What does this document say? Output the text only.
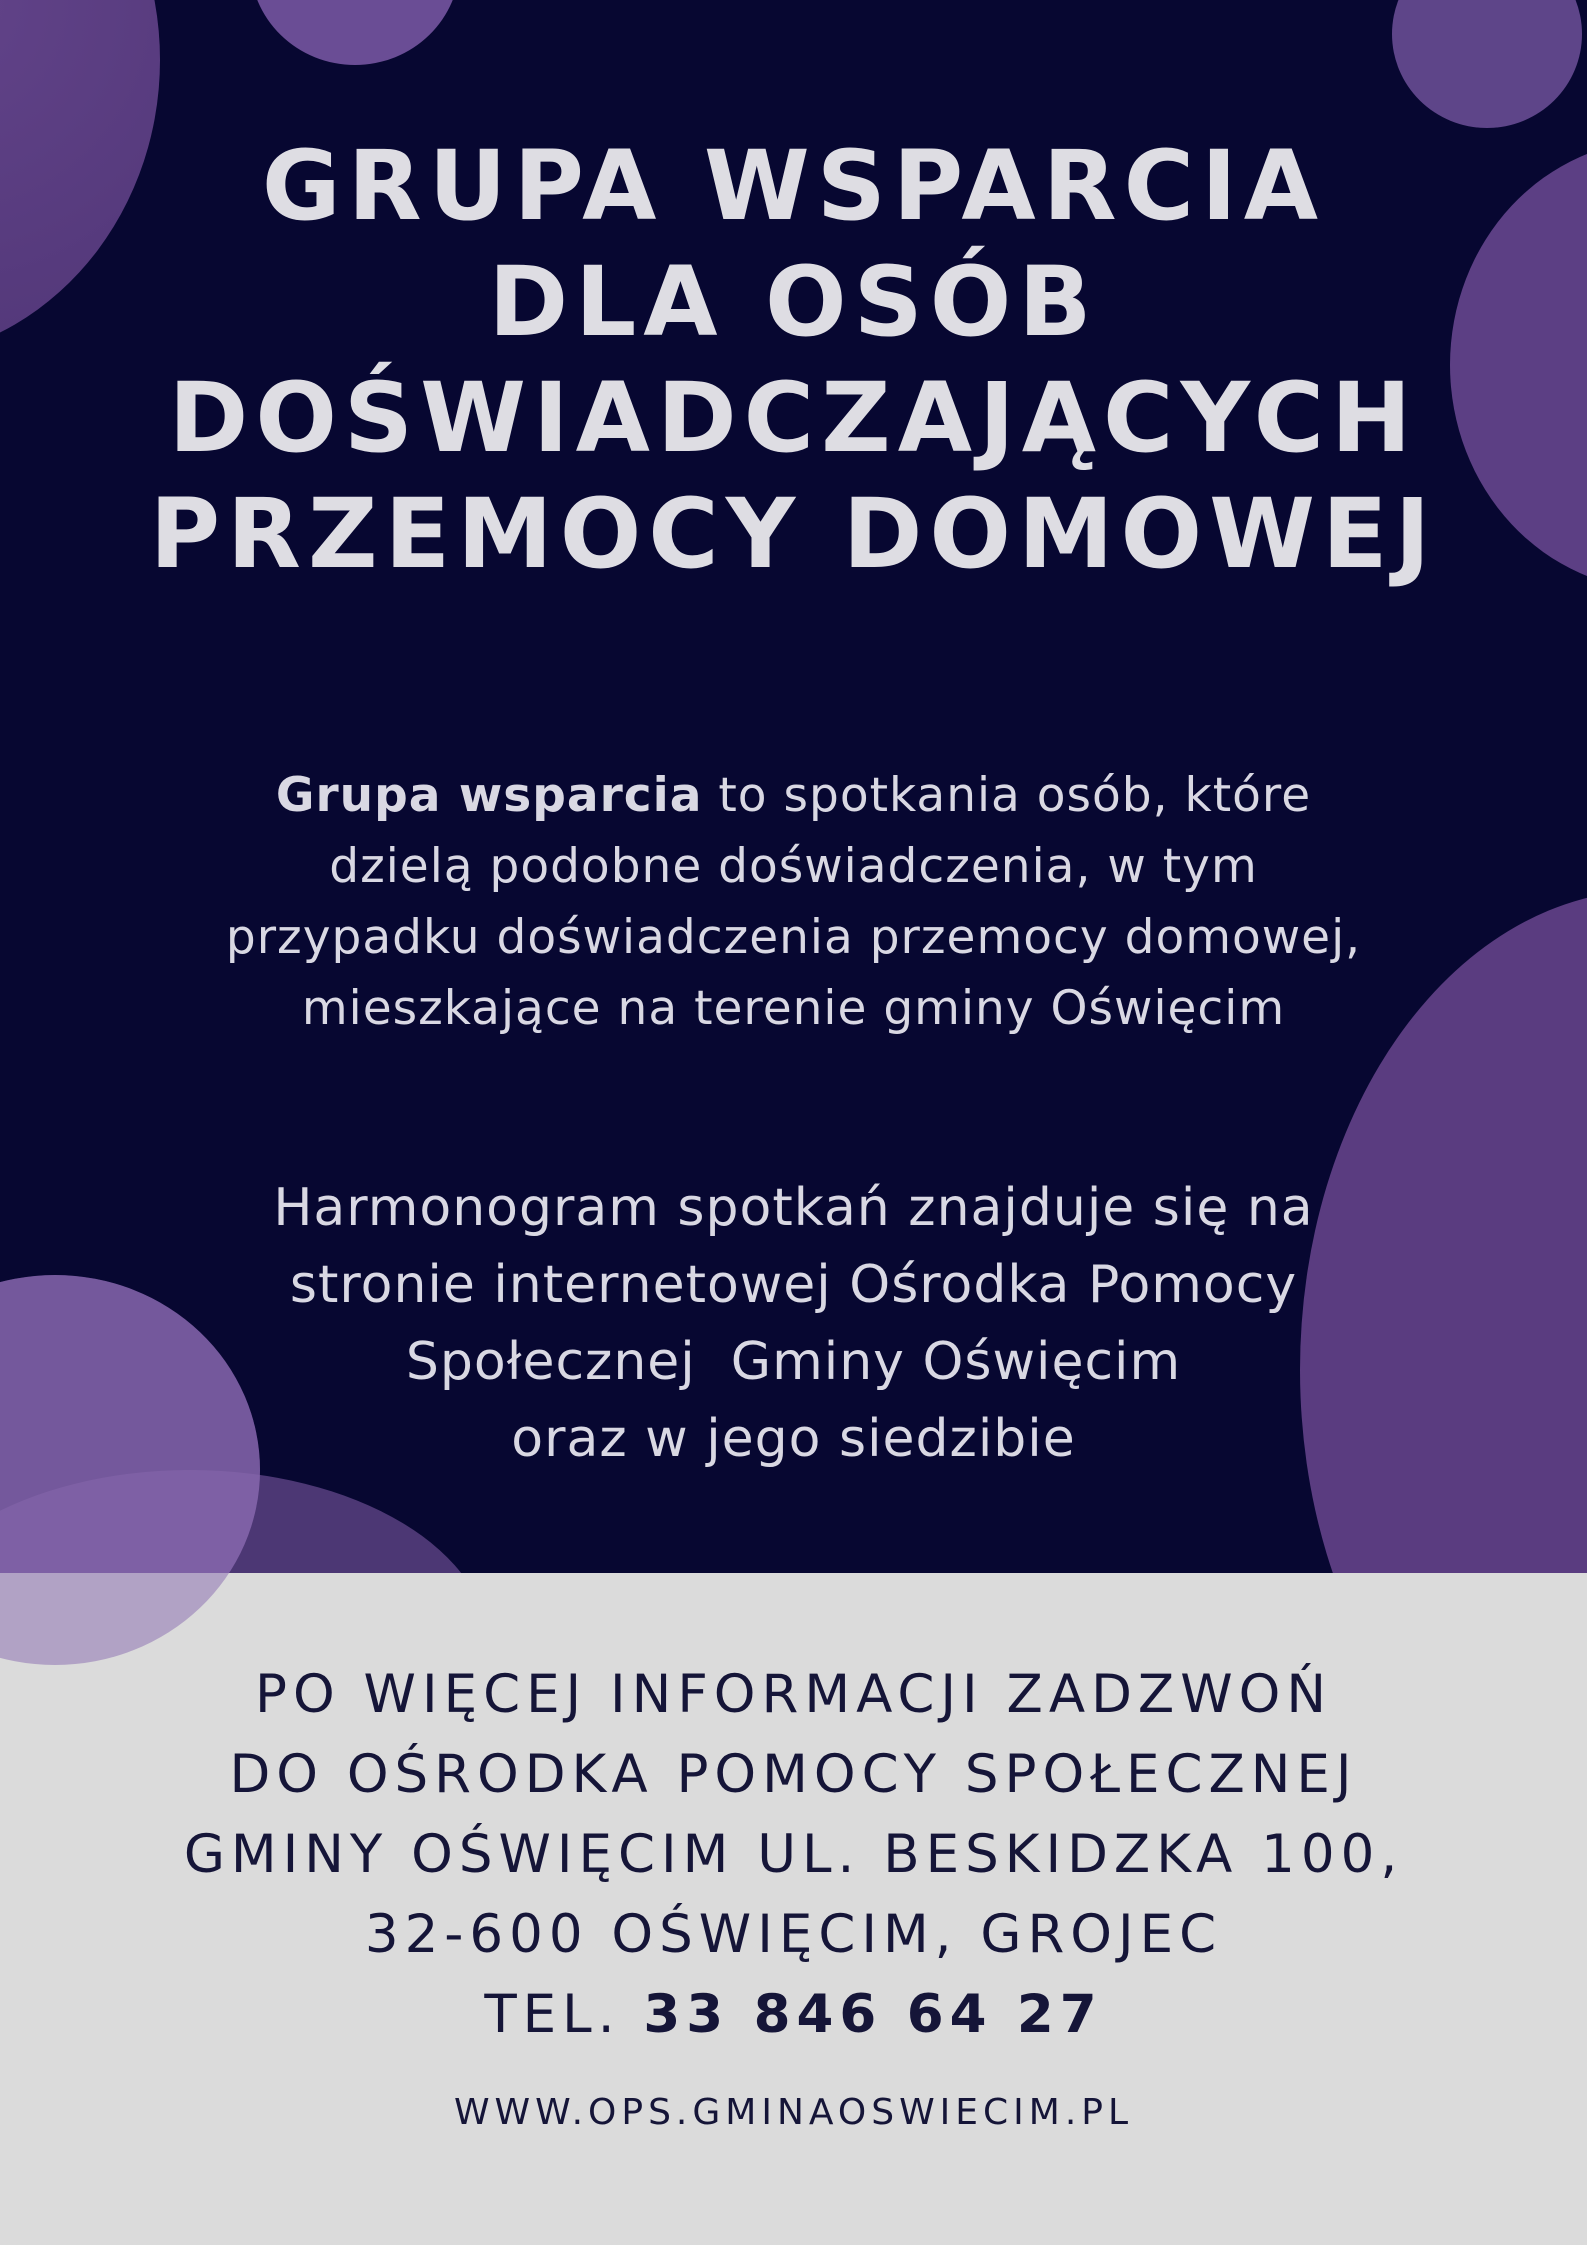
GRUPA WSPARCIA
DLA OSÓB
DOŚWIADCZAJĄCYCH
PRZEMOCY DOMOWEJ

Grupa wsparcia to spotkania osób, które
dzielą podobne doświadczenia, w tym
przypadku doświadczenia przemocy domowej,
mieszkające na terenie gminy Oświęcim

Harmonogram spotkań znajduje się na
stronie internetowej Ośrodka Pomocy
Społecznej  Gminy Oświęcim
oraz w jego siedzibie

PO WIĘCEJ INFORMACJI ZADZWOŃ
DO OŚRODKA POMOCY SPOŁECZNEJ
GMINY OŚWIĘCIM UL. BESKIDZKA 100,
32-600 OŚWIĘCIM, GROJEC
TEL. 33 846 64 27

WWW.OPS.GMINAOSWIECIM.PL
